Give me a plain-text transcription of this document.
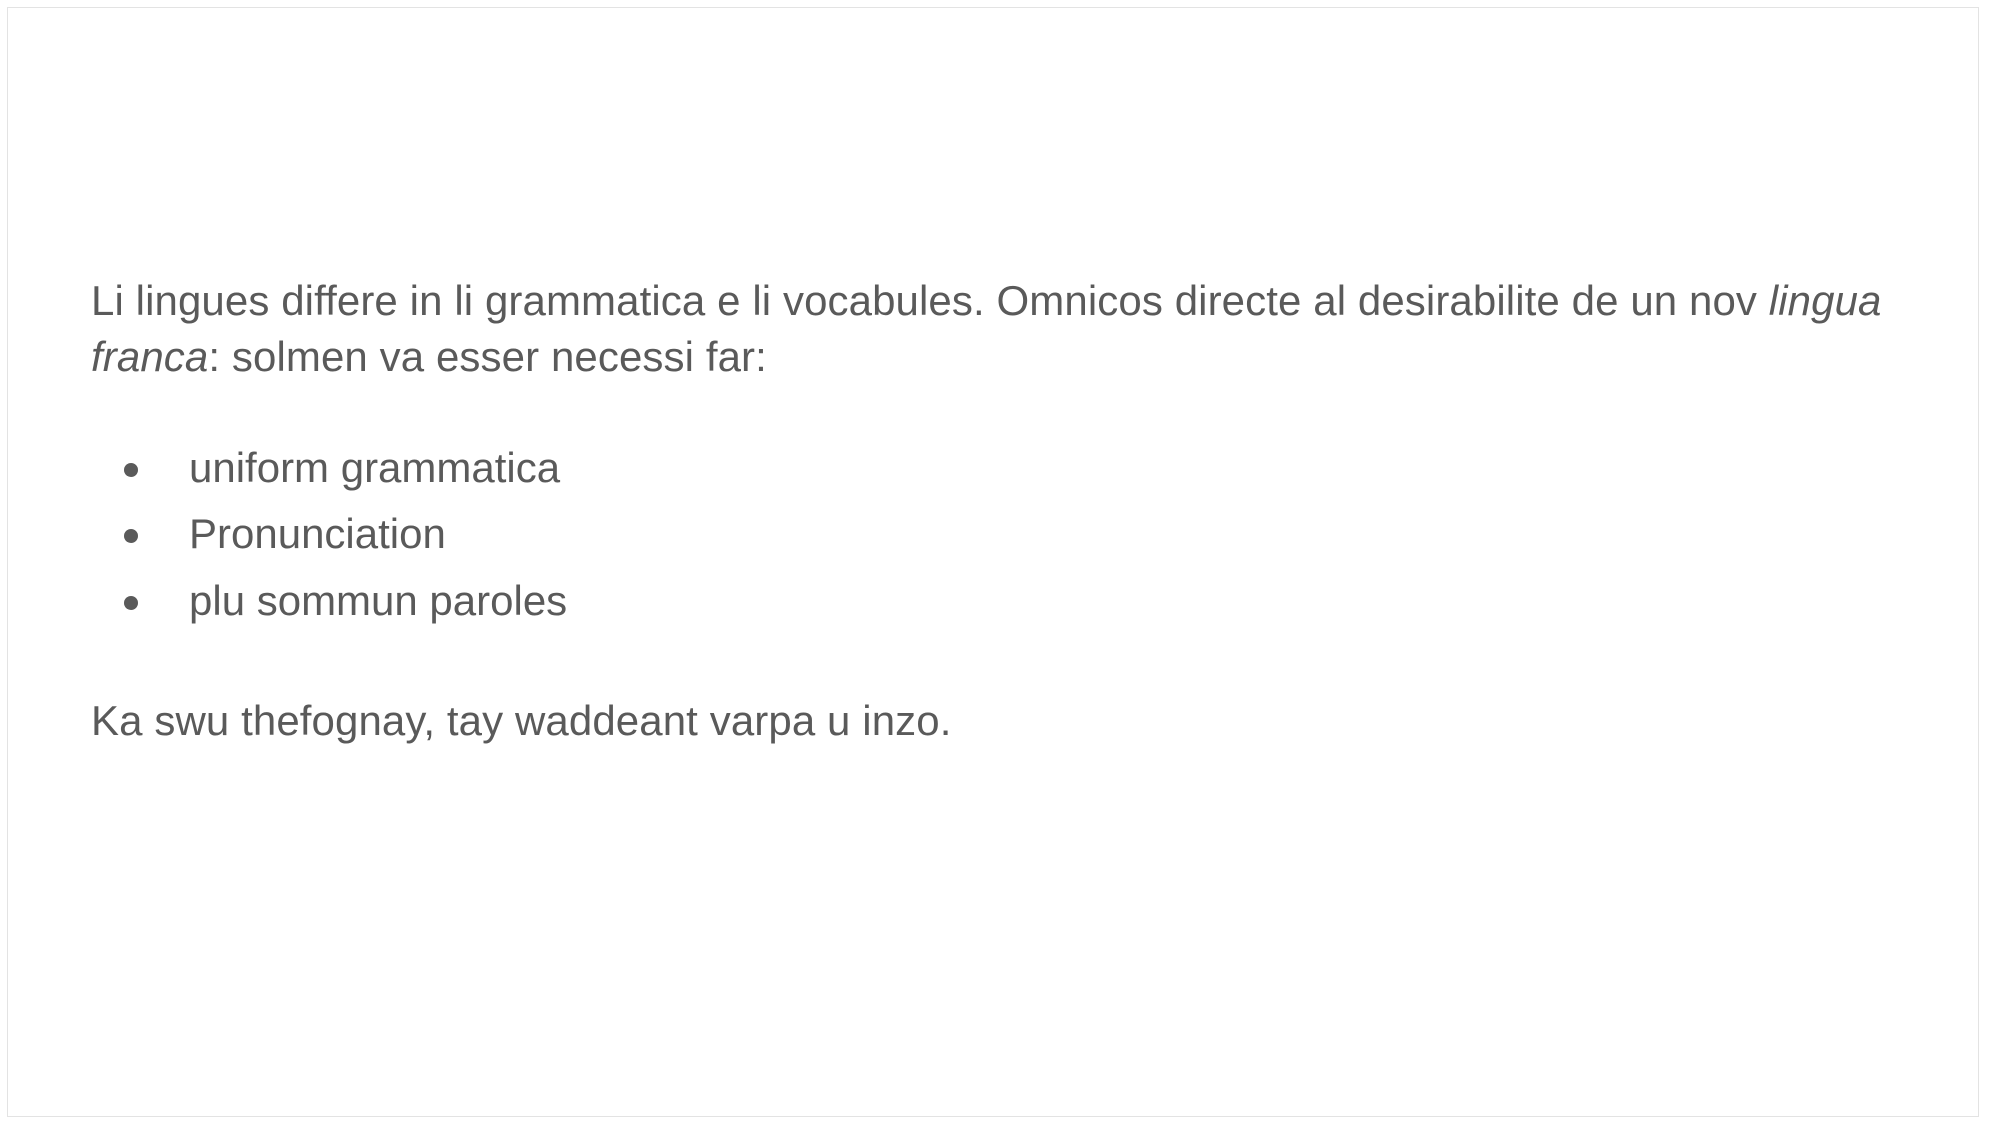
Li lingues differe in li grammatica e li vocabules. Omnicos directe al desirabilite de un nov lingua franca: solmen va esser necessi far:

uniform grammatica
Pronunciation
plu sommun paroles

Ka swu thefognay, tay waddeant varpa u inzo.
